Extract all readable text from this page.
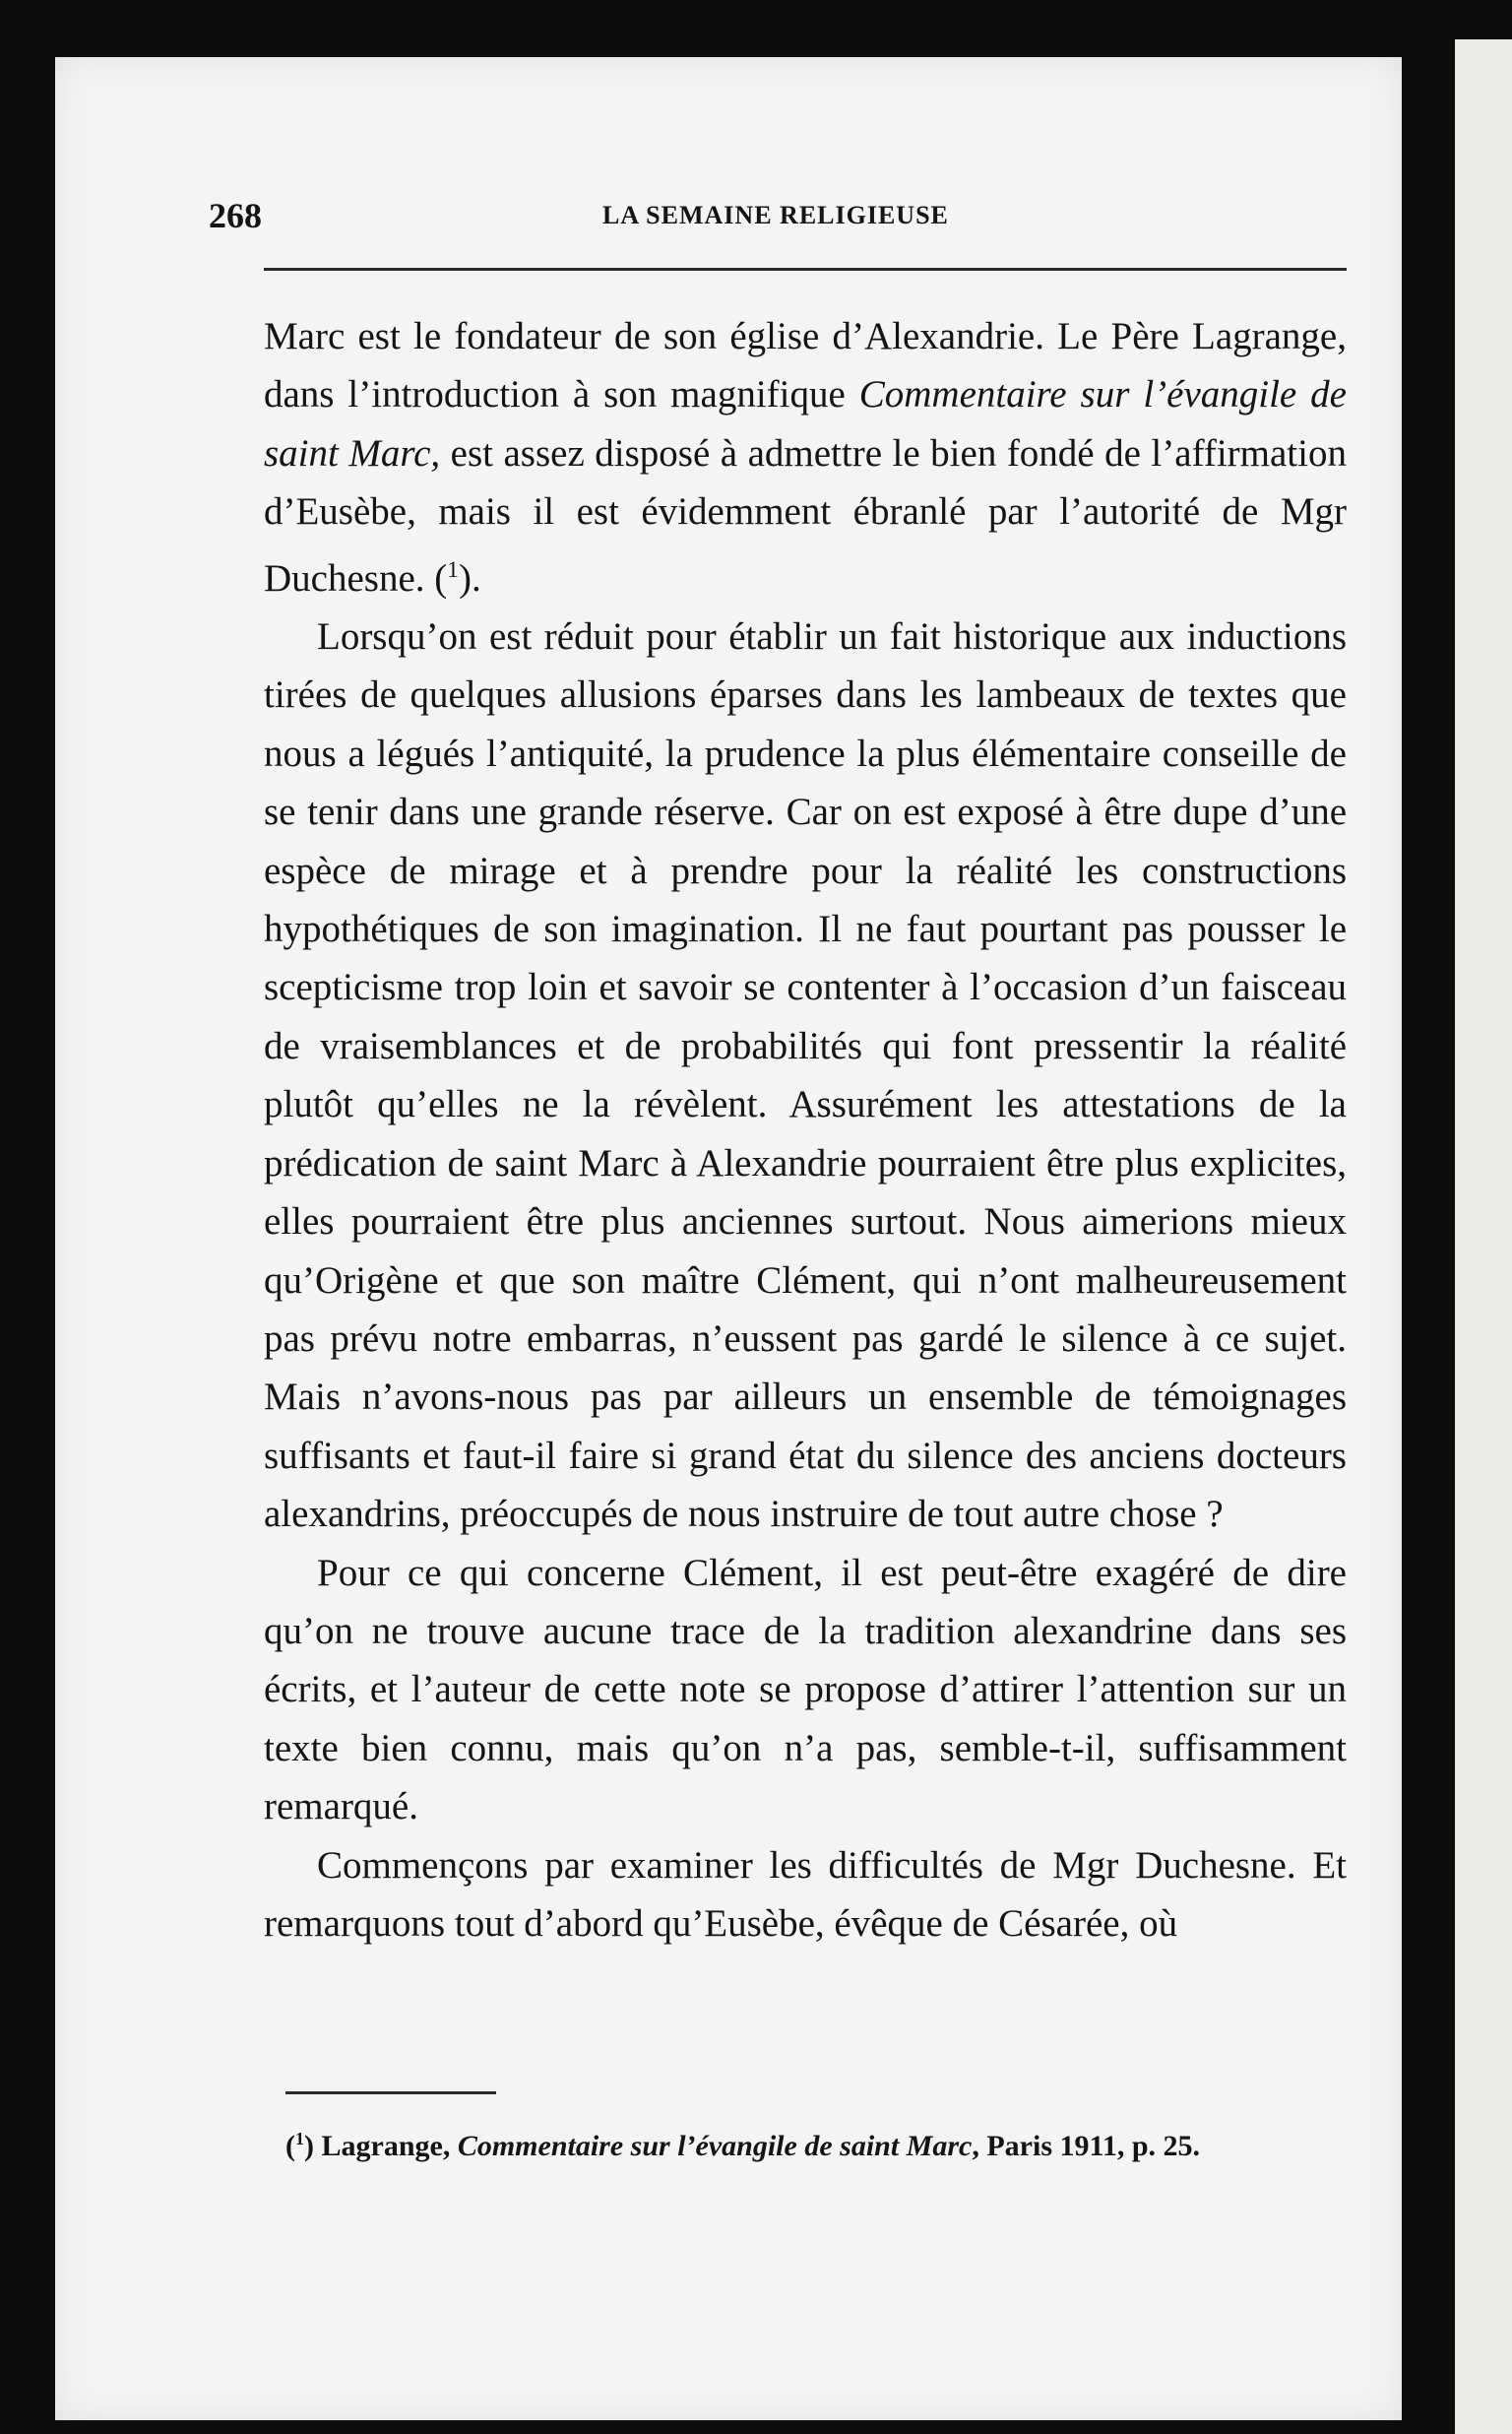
268	LA SEMAINE RELIGIEUSE

Marc est le fondateur de son église d’Alexandrie. Le Père Lagrange, dans l’introduction à son magnifique Commentaire sur l’évangile de saint Marc, est assez disposé à admettre le bien fondé de l’affirmation d’Eusèbe, mais il est évidemment ébranlé par l’autorité de Mgr Duchesne. ($^1$).

Lorsqu’on est réduit pour établir un fait historique aux inductions tirées de quelques allusions éparses dans les lambeaux de textes que nous a légués l’antiquité, la prudence la plus élémentaire conseille de se tenir dans une grande réserve. Car on est exposé à être dupe d’une espèce de mirage et à prendre pour la réalité les constructions hypothétiques de son imagination. Il ne faut pourtant pas pousser le scepticisme trop loin et savoir se contenter à l’occasion d’un faisceau de vraisemblances et de probabilités qui font pressentir la réalité plutôt qu’elles ne la révèlent. Assurément les attestations de la prédication de saint Marc à Alexandrie pourraient être plus explicites, elles pourraient être plus anciennes surtout. Nous aimerions mieux qu’Origène et que son maître Clément, qui n’ont malheureusement pas prévu notre embarras, n’eussent pas gardé le silence à ce sujet. Mais n’avons-nous pas par ailleurs un ensemble de témoignages suffisants et faut-il faire si grand état du silence des anciens docteurs alexandrins, préoccupés de nous instruire de tout autre chose ?

Pour ce qui concerne Clément, il est peut-être exagéré de dire qu’on ne trouve aucune trace de la tradition alexandrine dans ses écrits, et l’auteur de cette note se propose d’attirer l’attention sur un texte bien connu, mais qu’on n’a pas, semble-t-il, suffisamment remarqué.

Commençons par examiner les difficultés de Mgr Duchesne. Et remarquons tout d’abord qu’Eusèbe, évêque de Césarée, où

($^1$) Lagrange, Commentaire sur l’évangile de saint Marc, Paris 1911, p. 25.
